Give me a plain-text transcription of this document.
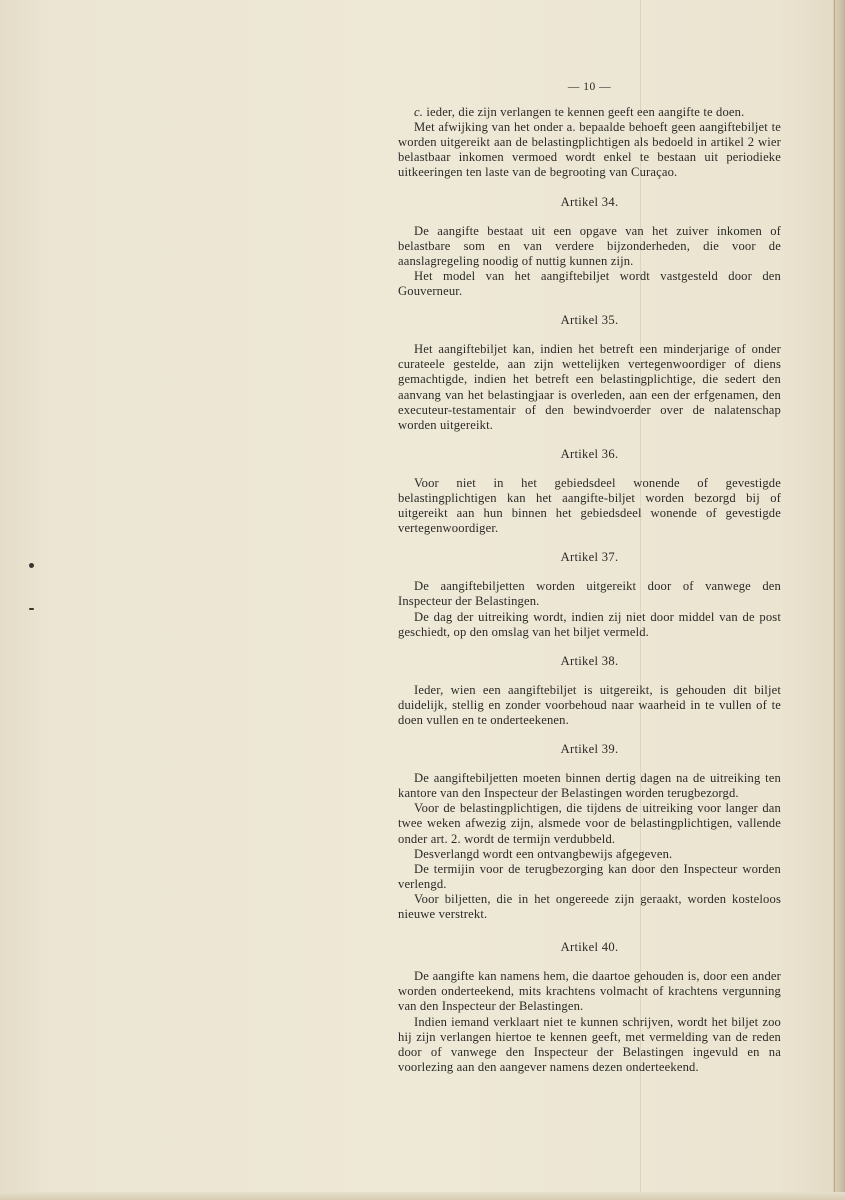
— 10 —

c. ieder, die zijn verlangen te kennen geeft een aangifte te doen.

Met afwijking van het onder a. bepaalde behoeft geen aangiftebiljet te worden uitgereikt aan de belastingplichtigen als bedoeld in artikel 2 wier belastbaar inkomen vermoed wordt enkel te bestaan uit periodieke uitkeeringen ten laste van de begrooting van Curaçao.

Artikel 34.

De aangifte bestaat uit een opgave van het zuiver inkomen of belastbare som en van verdere bijzonderheden, die voor de aanslagregeling noodig of nuttig kunnen zijn.

Het model van het aangiftebiljet wordt vastgesteld door den Gouverneur.

Artikel 35.

Het aangiftebiljet kan, indien het betreft een minderjarige of onder curateele gestelde, aan zijn wettelijken vertegenwoordiger of diens gemachtigde, indien het betreft een belastingplichtige, die sedert den aanvang van het belastingjaar is overleden, aan een der erfgenamen, den executeur-testamentair of den bewindvoerder over de nalatenschap worden uitgereikt.

Artikel 36.

Voor niet in het gebiedsdeel wonende of gevestigde belastingplichtigen kan het aangifte-biljet worden bezorgd bij of uitgereikt aan hun binnen het gebiedsdeel wonende of gevestigde vertegenwoordiger.

Artikel 37.

De aangiftebiljetten worden uitgereikt door of vanwege den Inspecteur der Belastingen.

De dag der uitreiking wordt, indien zij niet door middel van de post geschiedt, op den omslag van het biljet vermeld.

Artikel 38.

Ieder, wien een aangiftebiljet is uitgereikt, is gehouden dit biljet duidelijk, stellig en zonder voorbehoud naar waarheid in te vullen of te doen vullen en te onderteekenen.

Artikel 39.

De aangiftebiljetten moeten binnen dertig dagen na de uitreiking ten kantore van den Inspecteur der Belastingen worden terugbezorgd.

Voor de belastingplichtigen, die tijdens de uitreiking voor langer dan twee weken afwezig zijn, alsmede voor de belastingplichtigen, vallende onder art. 2. wordt de termijn verdubbeld.

Desverlangd wordt een ontvangbewijs afgegeven.

De termijin voor de terugbezorging kan door den Inspecteur worden verlengd.

Voor biljetten, die in het ongereede zijn geraakt, worden kosteloos nieuwe verstrekt.

Artikel 40.

De aangifte kan namens hem, die daartoe gehouden is, door een ander worden onderteekend, mits krachtens volmacht of krachtens vergunning van den Inspecteur der Belastingen.

Indien iemand verklaart niet te kunnen schrijven, wordt het biljet zoo hij zijn verlangen hiertoe te kennen geeft, met vermelding van de reden door of vanwege den Inspecteur der Belastingen ingevuld en na voorlezing aan den aangever namens dezen onderteekend.
